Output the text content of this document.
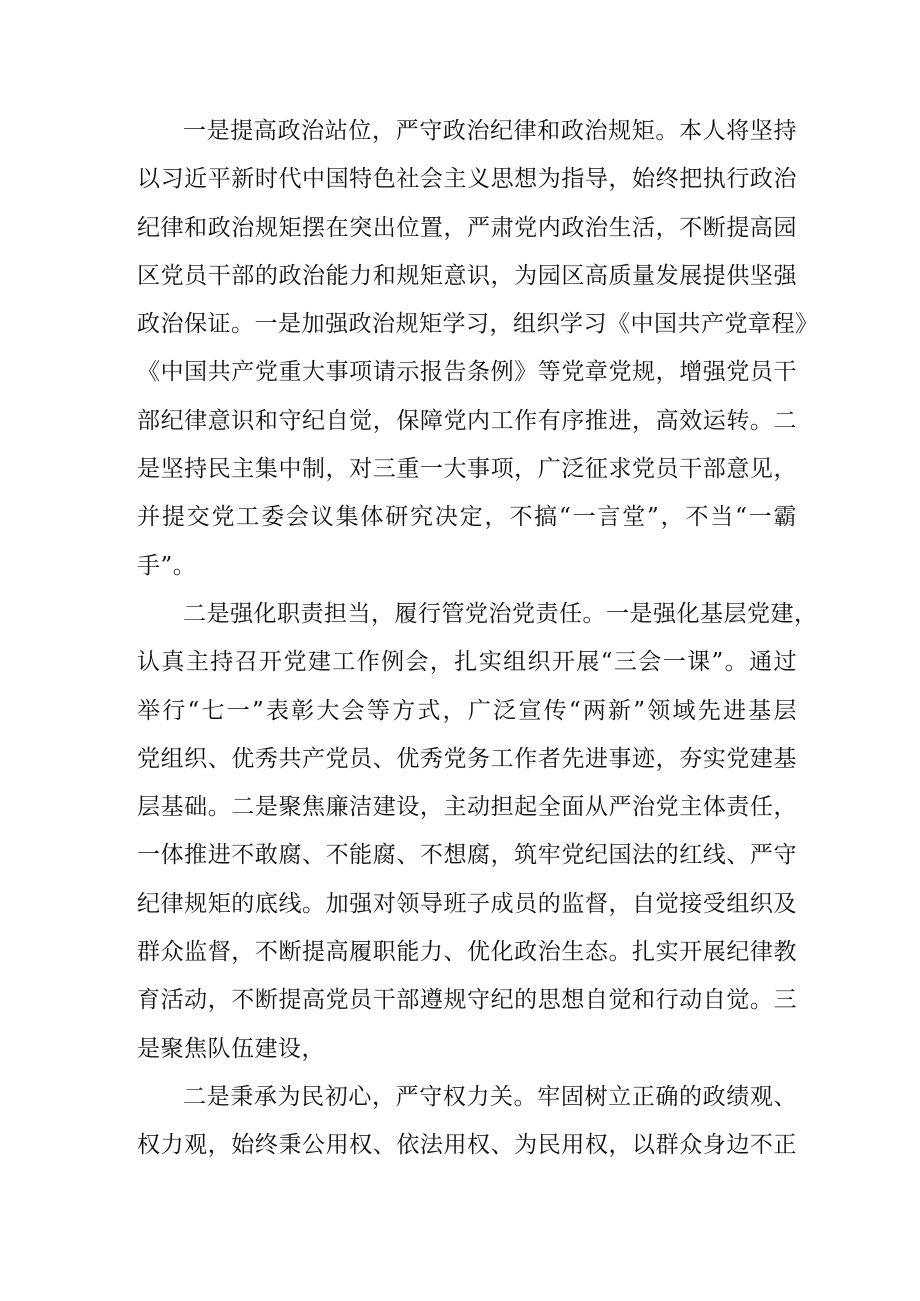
一是提高政治站位，严守政治纪律和政治规矩。本人将坚持
以习近平新时代中国特色社会主义思想为指导，始终把执行政治
纪律和政治规矩摆在突出位置，严肃党内政治生活，不断提高园
区党员干部的政治能力和规矩意识，为园区高质量发展提供坚强
政治保证。一是加强政治规矩学习，组织学习《中国共产党章程》
《中国共产党重大事项请示报告条例》等党章党规，增强党员干
部纪律意识和守纪自觉，保障党内工作有序推进，高效运转。二
是坚持民主集中制，对三重一大事项，广泛征求党员干部意见，
并提交党工委会议集体研究决定，不搞“一言堂”，不当“一霸
手”。
二是强化职责担当，履行管党治党责任。一是强化基层党建，
认真主持召开党建工作例会，扎实组织开展“三会一课”。通过
举行“七一”表彰大会等方式，广泛宣传“两新”领域先进基层
党组织、优秀共产党员、优秀党务工作者先进事迹，夯实党建基
层基础。二是聚焦廉洁建设，主动担起全面从严治党主体责任，
一体推进不敢腐、不能腐、不想腐，筑牢党纪国法的红线、严守
纪律规矩的底线。加强对领导班子成员的监督，自觉接受组织及
群众监督，不断提高履职能力、优化政治生态。扎实开展纪律教
育活动，不断提高党员干部遵规守纪的思想自觉和行动自觉。三
是聚焦队伍建设，
二是秉承为民初心，严守权力关。牢固树立正确的政绩观、
权力观，始终秉公用权、依法用权、为民用权，以群众身边不正
